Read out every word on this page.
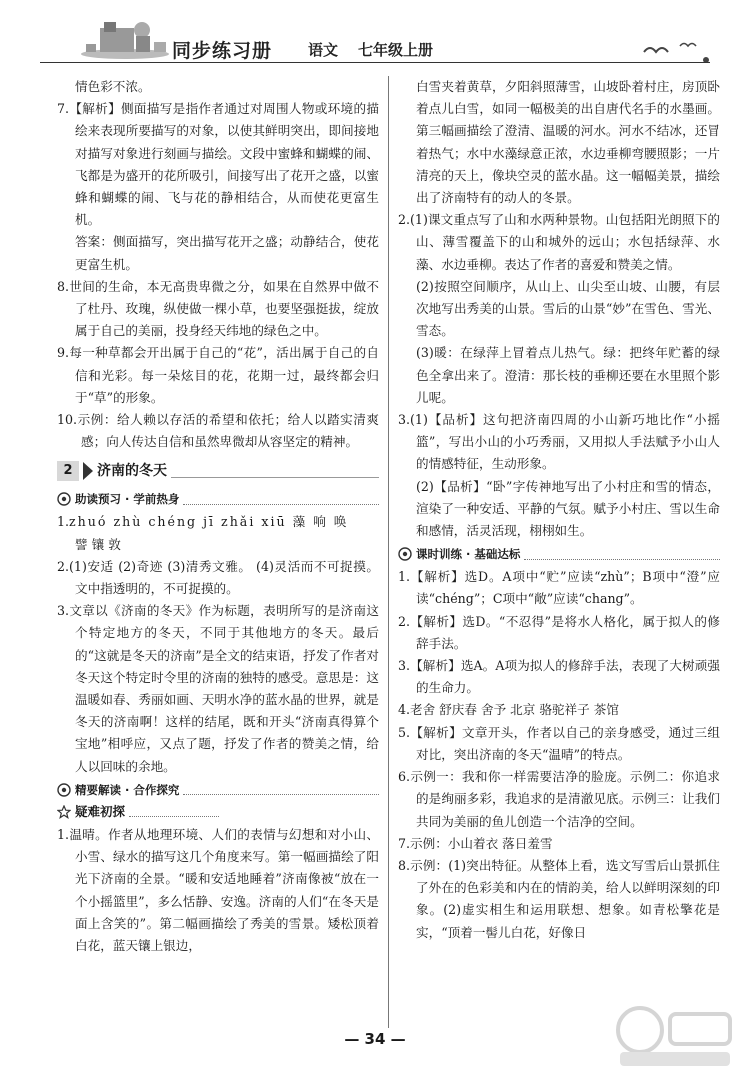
同步练习册 语文 七年级上册

情色彩不浓。

7.【解析】侧面描写是指作者通过对周围人物或环境的描绘来表现所要描写的对象，以使其鲜明突出，即间接地对描写对象进行刻画与描绘。文段中蜜蜂和蝴蝶的闹、飞都是为盛开的花所吸引，间接写出了花开之盛，以蜜蜂和蝴蝶的闹、飞与花的静相结合，从而使花更富生机。

答案：侧面描写，突出描写花开之盛；动静结合，使花更富生机。

8.世间的生命，本无高贵卑微之分，如果在自然界中做不了杜丹、玫瑰，纵使做一棵小草，也要坚强挺拔，绽放属于自己的美丽，投身经天纬地的绿色之中。

9.每一种草都会开出属于自己的“花”，活出属于自己的自信和光彩。每一朵炫目的花，花期一过，最终都会归于“草”的形象。

10.示例：给人赖以存活的希望和依托；给人以踏实清爽感；向人传达自信和虽然卑微却从容坚定的精神。

2	济南的冬天
助读预习 · 学前热身

1.zhuó zhù chéng jī zhǎi xiū 藻 响 唤

譬 镶 敦

2.(1)安适 (2)奇迹 (3)清秀文雅。 (4)灵活而不可捉摸。文中指透明的，不可捉摸的。

3.文章以《济南的冬天》作为标题，表明所写的是济南这个特定地方的冬天，不同于其他地方的冬天。最后的“这就是冬天的济南”是全文的结束语，抒发了作者对冬天这个特定时令里的济南的独特的感受。意思是：这温暖如春、秀丽如画、天明水净的蓝水晶的世界，就是冬天的济南啊！这样的结尾，既和开头“济南真得算个宝地”相呼应，又点了题，抒发了作者的赞美之情，给人以回味的余地。

精要解读 · 合作探究
疑难初探

1.温晴。作者从地理环境、人们的表情与幻想和对小山、小雪、绿水的描写这几个角度来写。第一幅画描绘了阳光下济南的全景。“暖和安适地睡着”济南像被“放在一个小摇篮里”，多么恬静、安逸。济南的人们“在冬天是面上含笑的”。第二幅画描绘了秀美的雪景。矮松顶着白花，蓝天镶上银边，

白雪夹着黄草，夕阳斜照薄雪，山坡卧着村庄，房顶卧着点儿白雪，如同一幅极美的出自唐代名手的水墨画。第三幅画描绘了澄清、温暖的河水。河水不结冰，还冒着热气；水中水藻绿意正浓，水边垂柳弯腰照影；一片清亮的天上，像块空灵的蓝水晶。这一幅幅美景，描绘出了济南特有的动人的冬景。

2.(1)课文重点写了山和水两种景物。山包括阳光朗照下的山、薄雪覆盖下的山和城外的远山；水包括绿萍、水藻、水边垂柳。表达了作者的喜爱和赞美之情。

(2)按照空间顺序，从山上、山尖至山坡、山腰，有层次地写出秀美的山景。雪后的山景“妙”在雪色、雪光、雪态。

(3)暖：在绿萍上冒着点儿热气。绿：把终年贮蓄的绿色全拿出来了。澄清：那长枝的垂柳还要在水里照个影儿呢。

3.(1)【品析】这句把济南四周的小山新巧地比作“小摇篮”，写出小山的小巧秀丽，又用拟人手法赋予小山人的情感特征，生动形象。

(2)【品析】“卧”字传神地写出了小村庄和雪的情态，渲染了一种安适、平静的气氛。赋予小村庄、雪以生命和感情，活灵活现，栩栩如生。

课时训练 · 基础达标

1.【解析】选D。A项中“贮”应读“zhù”；B项中“澄”应读“chéng”；C项中“敞”应读“chang”。

2.【解析】选D。“不忍得”是将水人格化，属于拟人的修辞手法。

3.【解析】选A。A项为拟人的修辞手法，表现了大树顽强的生命力。

4.老舍 舒庆春 舍予 北京 骆驼祥子 茶馆

5.【解析】文章开头，作者以自己的亲身感受，通过三组对比，突出济南的冬天“温晴”的特点。

6.示例一：我和你一样需要洁净的脸庞。示例二：你追求的是绚丽多彩，我追求的是清澈见底。示例三：让我们共同为美丽的鱼儿创造一个洁净的空间。

7.示例：小山着衣 落日羞雪

8.示例：(1)突出特征。从整体上看，选文写雪后山景抓住了外在的色彩美和内在的情韵美，给人以鲜明深刻的印象。(2)虚实相生和运用联想、想象。如青松擎花是实，“顶着一髻儿白花，好像日

— 34 —
